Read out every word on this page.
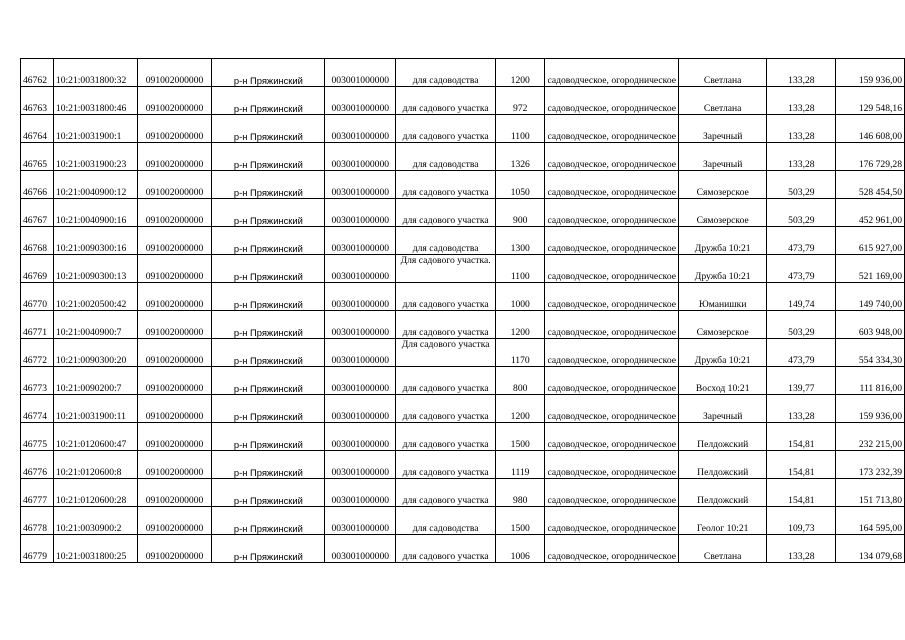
46762	10:21:0031800:32	091002000000	р-н Пряжинский	003001000000	для садоводства	1200	садоводческое, огородническое	Светлана	133,28	159 936,00
46763	10:21:0031800:46	091002000000	р-н Пряжинский	003001000000	для садового участка	972	садоводческое, огородническое	Светлана	133,28	129 548,16
46764	10:21:0031900:1	091002000000	р-н Пряжинский	003001000000	для садового участка	1100	садоводческое, огородническое	Заречный	133,28	146 608,00
46765	10:21:0031900:23	091002000000	р-н Пряжинский	003001000000	для садоводства	1326	садоводческое, огородническое	Заречный	133,28	176 729,28
46766	10:21:0040900:12	091002000000	р-н Пряжинский	003001000000	для садового участка	1050	садоводческое, огородническое	Сямозерское	503,29	528 454,50
46767	10:21:0040900:16	091002000000	р-н Пряжинский	003001000000	для садового участка	900	садоводческое, огородническое	Сямозерское	503,29	452 961,00
46768	10:21:0090300:16	091002000000	р-н Пряжинский	003001000000	для садоводства	1300	садоводческое, огородническое	Дружба 10:21	473,79	615 927,00
46769	10:21:0090300:13	091002000000	р-н Пряжинский	003001000000	Для садового участка.	1100	садоводческое, огородническое	Дружба 10:21	473,79	521 169,00
46770	10:21:0020500:42	091002000000	р-н Пряжинский	003001000000	для садового участка	1000	садоводческое, огородническое	Юманишки	149,74	149 740,00
46771	10:21:0040900:7	091002000000	р-н Пряжинский	003001000000	для садового участка	1200	садоводческое, огородническое	Сямозерское	503,29	603 948,00
46772	10:21:0090300:20	091002000000	р-н Пряжинский	003001000000	Для садового участка	1170	садоводческое, огородническое	Дружба 10:21	473,79	554 334,30
46773	10:21:0090200:7	091002000000	р-н Пряжинский	003001000000	для садового участка	800	садоводческое, огородническое	Восход 10:21	139,77	111 816,00
46774	10:21:0031900:11	091002000000	р-н Пряжинский	003001000000	для садового участка	1200	садоводческое, огородническое	Заречный	133,28	159 936,00
46775	10:21:0120600:47	091002000000	р-н Пряжинский	003001000000	для садового участка	1500	садоводческое, огородническое	Пелдожский	154,81	232 215,00
46776	10:21:0120600:8	091002000000	р-н Пряжинский	003001000000	для садового участка	1119	садоводческое, огородническое	Пелдожский	154,81	173 232,39
46777	10:21:0120600:28	091002000000	р-н Пряжинский	003001000000	для садового участка	980	садоводческое, огородническое	Пелдожский	154,81	151 713,80
46778	10:21:0030900:2	091002000000	р-н Пряжинский	003001000000	для садоводства	1500	садоводческое, огородническое	Геолог 10:21	109,73	164 595,00
46779	10:21:0031800:25	091002000000	р-н Пряжинский	003001000000	для садового участка	1006	садоводческое, огородническое	Светлана	133,28	134 079,68
